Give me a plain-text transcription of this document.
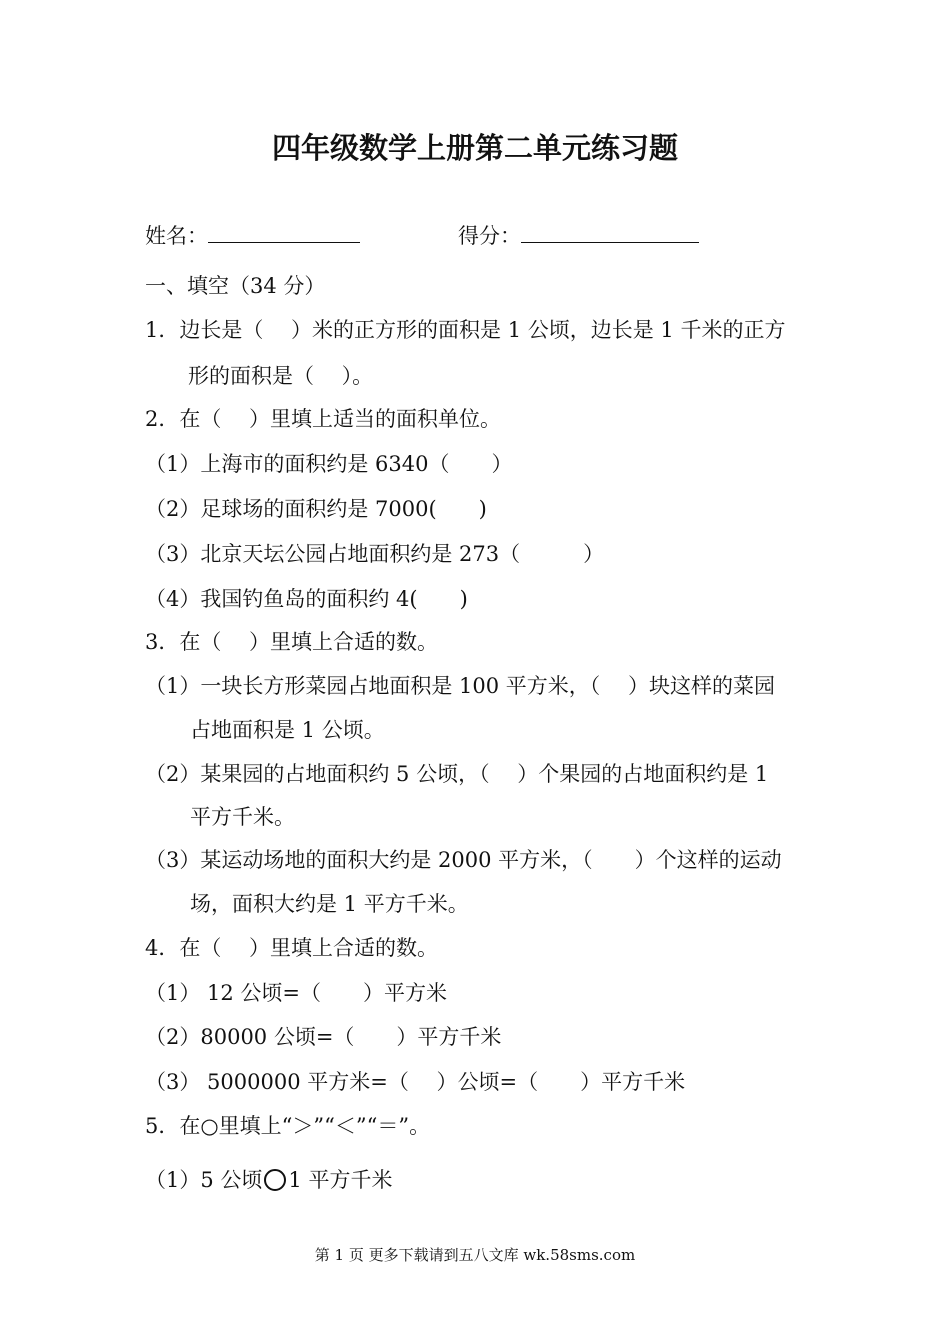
四年级数学上册第二单元练习题
姓名：	得分：
一、填空（34 分）
1．边长是（　 ）米的正方形的面积是 1 公顷，边长是 1 千米的正方
形的面积是（　 ）。
2．在（　 ）里填上适当的面积单位。
（1）上海市的面积约是 6340（　　）
（2）足球场的面积约是 7000(　　)
（3）北京天坛公园占地面积约是 273（　　　）
（4）我国钓鱼岛的面积约 4(　　)
3．在（　 ）里填上合适的数。
（1）一块长方形菜园占地面积是 100 平方米，（　 ）块这样的菜园
占地面积是 1 公顷。
（2）某果园的占地面积约 5 公顷，（　 ）个果园的占地面积约是 1
平方千米。
（3）某运动场地的面积大约是 2000 平方米，（　　）个这样的运动
场，面积大约是 1 平方千米。
4．在（　 ）里填上合适的数。
（1） 12 公顷=（　　）平方米
（2）80000 公顷=（　　）平方千米
（3） 5000000 平方米=（　 ）公顷=（　　）平方千米
5．在○里填上“＞”“＜”“＝”。
（1）5 公顷 1 平方千米
第 1 页 更多下载请到五八文库 wk.58sms.com
